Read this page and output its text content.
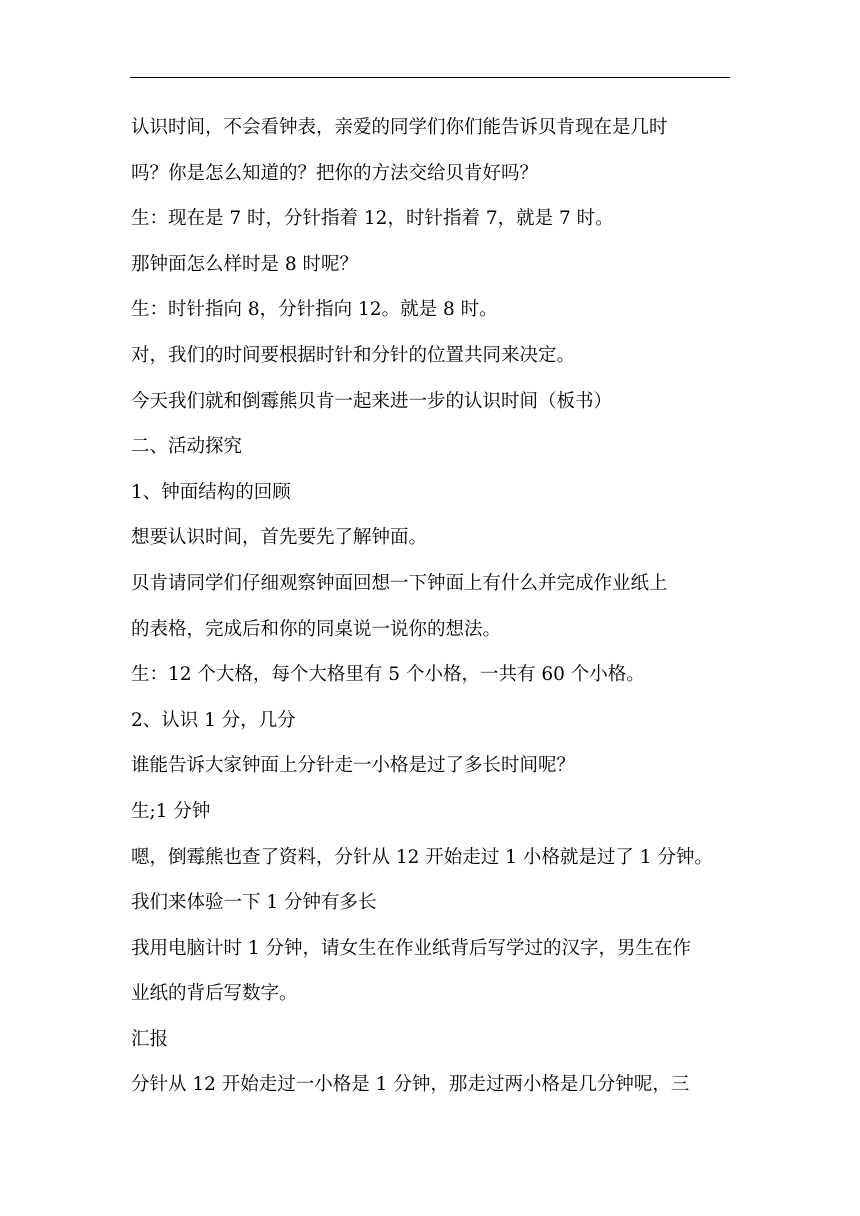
认识时间，不会看钟表，亲爱的同学们你们能告诉贝肯现在是几时
吗？你是怎么知道的？把你的方法交给贝肯好吗？
生：现在是 7 时，分针指着 12，时针指着 7，就是 7 时。
那钟面怎么样时是 8 时呢？
生：时针指向 8，分针指向 12。就是 8 时。
对，我们的时间要根据时针和分针的位置共同来决定。
今天我们就和倒霉熊贝肯一起来进一步的认识时间（板书）
二、活动探究
1、钟面结构的回顾
想要认识时间，首先要先了解钟面。
贝肯请同学们仔细观察钟面回想一下钟面上有什么并完成作业纸上
的表格，完成后和你的同桌说一说你的想法。
生：12 个大格，每个大格里有 5 个小格，一共有 60 个小格。
2、认识 1 分，几分
谁能告诉大家钟面上分针走一小格是过了多长时间呢？
生;1 分钟
嗯，倒霉熊也查了资料，分针从 12 开始走过 1 小格就是过了 1 分钟。
我们来体验一下 1 分钟有多长
我用电脑计时 1 分钟，请女生在作业纸背后写学过的汉字，男生在作
业纸的背后写数字。
汇报
分针从 12 开始走过一小格是 1 分钟，那走过两小格是几分钟呢，三
